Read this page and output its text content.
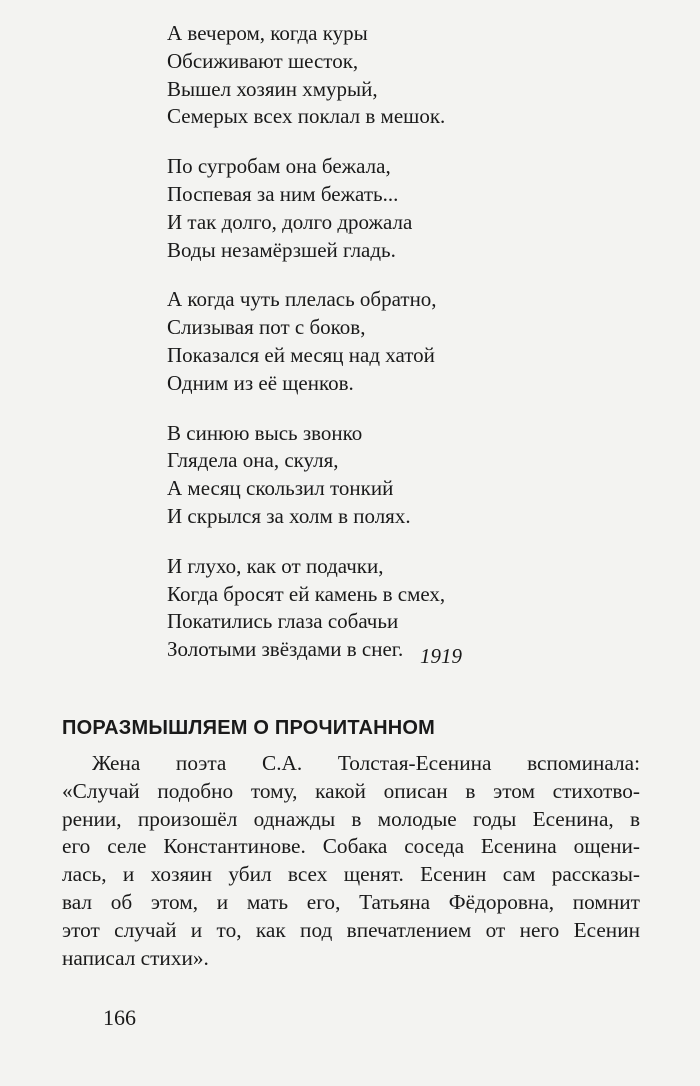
А вечером, когда куры
Обсиживают шесток,
Вышел хозяин хмурый,
Семерых всех поклал в мешок.
По сугробам она бежала,
Поспевая за ним бежать...
И так долго, долго дрожала
Воды незамёрзшей гладь.
А когда чуть плелась обратно,
Слизывая пот с боков,
Показался ей месяц над хатой
Одним из её щенков.
В синюю высь звонко
Глядела она, скуля,
А месяц скользил тонкий
И скрылся за холм в полях.
И глухо, как от подачки,
Когда бросят ей камень в смех,
Покатились глаза собачьи
Золотыми звёздами в снег. 1919
ПОРАЗМЫШЛЯЕМ О ПРОЧИТАННОМ
Жена поэта С.А. Толстая-Есенина вспоминала:
«Случай подобно тому, какой описан в этом стихотво-
рении, произошёл однажды в молодые годы Есенина, в
его селе Константинове. Собака соседа Есенина ощени-
лась, и хозяин убил всех щенят. Есенин сам рассказы-
вал об этом, и мать его, Татьяна Фёдоровна, помнит
этот случай и то, как под впечатлением от него Есенин
написал стихи».
166
